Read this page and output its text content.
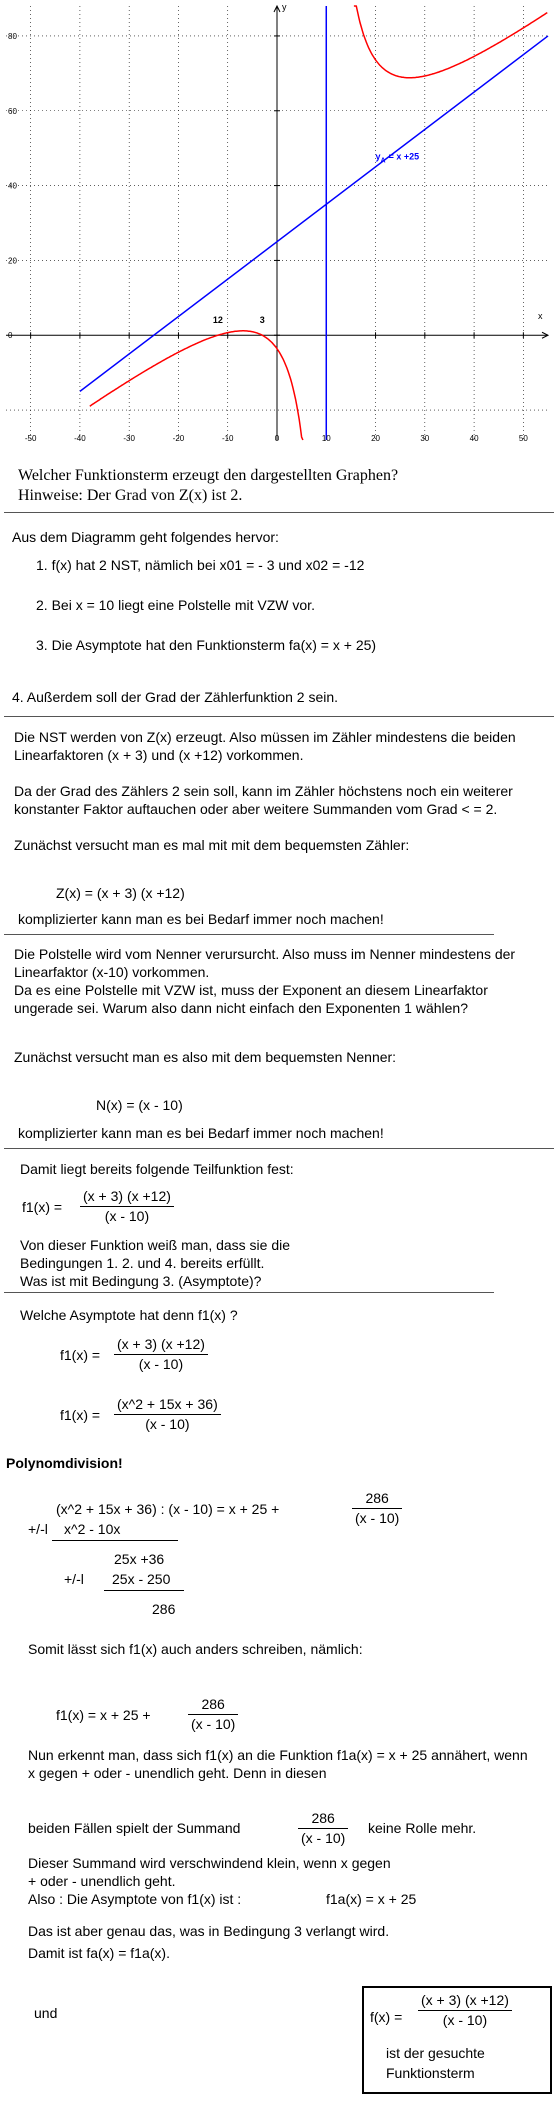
-50	-40	-30	-20	-10	0	10	20	30	40	50
80
60
40
20
0
x
y
12	3
$y_A = x +25$
Welcher Funktionsterm erzeugt den dargestellten Graphen?
Hinweise: Der Grad von Z(x) ist 2.
Aus dem Diagramm geht folgendes hervor:
1. f(x) hat 2 NST, nämlich bei x01 = - 3 und x02 = -12
2. Bei x = 10 liegt eine Polstelle mit VZW vor.
3. Die Asymptote hat den Funktionsterm fa(x) = x + 25)
4. Außerdem soll der Grad der Zählerfunktion 2 sein.
Die NST werden von Z(x) erzeugt. Also müssen im Zähler mindestens die beiden Linearfaktoren (x + 3) und (x +12) vorkommen.
Da der Grad des Zählers 2 sein soll, kann im Zähler höchstens noch ein weiterer konstanter Faktor auftauchen oder aber weitere Summanden vom Grad < = 2.
Zunächst versucht man es mal mit mit dem bequemsten Zähler:
Z(x) = (x + 3) (x +12)
komplizierter kann man es bei Bedarf immer noch machen!
Die Polstelle wird vom Nenner verursurcht. Also muss im Nenner mindestens der Linearfaktor (x-10) vorkommen.
Da es eine Polstelle mit VZW ist, muss der Exponent an diesem Linearfaktor ungerade sei. Warum also dann nicht einfach den Exponenten 1 wählen?
Zunächst versucht man es also mit dem bequemsten Nenner:
N(x) = (x - 10)
komplizierter kann man es bei Bedarf immer noch machen!
Damit liegt bereits folgende Teilfunktion fest:
f1(x) =
(x + 3) (x +12)
(x - 10)
Von dieser Funktion weiß man, dass sie die Bedingungen 1. 2. und 4. bereits erfüllt.
Was ist mit Bedingung 3. (Asymptote)?
Welche Asymptote hat denn f1(x) ?
f1(x) =
(x + 3) (x +12)
(x - 10)
f1(x) =
(x^2 + 15x + 36)
(x - 10)
Polynomdivision!
(x^2 + 15x + 36) : (x - 10) = x + 25 +
286
(x - 10)
+/-l x^2 - 10x
25x +36
+/-l 25x - 250
286
Somit lässt sich f1(x) auch anders schreiben, nämlich:
f1(x) = x + 25 +
286
(x - 10)
Nun erkennt man, dass sich f1(x) an die Funktion f1a(x) = x + 25 annähert, wenn x gegen + oder - unendlich geht. Denn in diesen
beiden Fällen spielt der Summand
286
(x - 10)
keine Rolle mehr.
Dieser Summand wird verschwindend klein, wenn x gegen + oder - unendlich geht.
Also : Die Asymptote von f1(x) ist :	f1a(x) = x + 25
Das ist aber genau das, was in Bedingung 3 verlangt wird.
Damit ist fa(x) = f1a(x).
und	f(x) =
(x + 3) (x +12)
(x - 10)
ist der gesuchte
Funktionsterm
